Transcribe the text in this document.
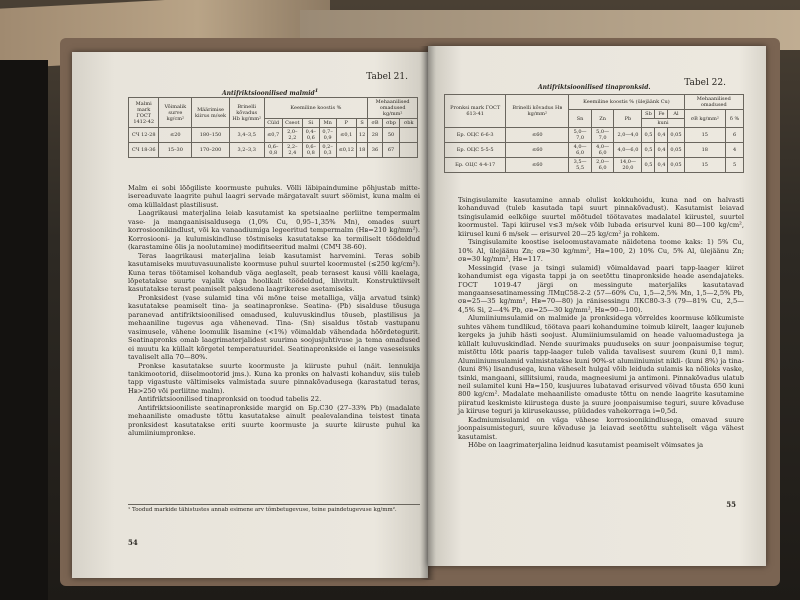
Tabel 21.
Antifriktsioonilised malmid$^1$
Malmi mark ГОСТ 1412-42	Võimalik surve kg/cm²	Määrimise kiirus m/sek	Brinelli kõvadus Hb kg/mm²	Keemiline koostis %						Mehaanilised omadused kg/mm²		
				Cüld	Cseot	Si	Mn	P	S	σB	σbp	σbk
СЧ 12-28	≤20	180–150	3,4–3,5	≤0,7	2,0–2,2	0,4–0,6	0,7–0,9	≤0,1	12	28	50	
СЧ 18-36	15–30	170–200	3,2–3,3	0,6–0,8	2,2–2,4	0,6–0,8	0,2–0,3	≤0,12	18	36	67	

Malm ei sobi lõõgiliste koormuste puhuks. Võlli läbipaindumine põhjustab mitte-isereaduvate laagrite puhul laagri servade märgatavalt suurt söömist, kuna malm ei oma küllaldast plastilisust.

Laagrikausi materjalina leiab kasutamist ka spetsiaalne perliitne tempermalm vase- ja mangaanisisaldusega (1,0% Cu, 0,95–1,35% Mn), omades suurt korrosioonikindlust, või ka vanaadiumiga legeeritud tempermalm (Hв=210 kg/mm²). Korrosiooni- ja kulumiskindluse tõstmiseks kasutatakse ka termiliselt töödeldud (karastamine õlis ja noolutamine) modifitseeritud malmi (СМЧ 38-60).

Teras laagrikausi materjalina leiab kasutamist harvemini. Teras sobib kasutamiseks muutuvasuunaliste koormuse puhul suurtel koormustel (≤250 kg/cm²). Kuna teras töötamisel kohandub väga aeglaselt, peab terasest kausi võlli kaelaga, lõpetatakse suurte vajalik väga hoolikalt töödeldud, lihvitult. Konstruktiivselt kasutatakse terast peamiselt paksudena laagrikerese asetamiseks.

Pronksidest (vase sulamid tina või mõne teise metalliga, välja arvatud tsink) kasutatakse peamiselt tina- ja seatinapronkse. Seatina- (Pb) sisalduse tõusuga paranevad antifriktsioonilised omadused, kuluvuskindlus tõuseb, plastilisus ja mehaaniline tugevus aga vähenevad. Tina- (Sn) sisaldus tõstab vastupanu vasimusele, vähene loomulik lisamine (<1%) võimaldab vähendada hõõrdetegurit. Seatinapronks omab laagrimaterjalidest suurima soojusjuhtivuse ja tema omadused ei muutu ka küllalt kõrgetel temperatuuridel. Seatinapronkside ei lange vaseseisuks tavaliselt alla 70—80%.

Pronkse kasutatakse suurte koormuste ja kiiruste puhul (näit. lennukija tankimootorid, diiselmootorid jms.). Kuna ka pronks on halvasti kohanduv, siis tuleb tapp vigastuste vältimiseks valmistada suure pinnakõvadusega (karastatud teras, Hв>250 või perliitne malm).

Antifriktsioonilised tinapronksid on toodud tabelis 22.

Antifriktsiooniliste seatinapronkside margid on Бр.С30 (27–33% Pb) (madalate mehaaniliste omaduste tõttu kasutatakse ainult pealevalandina teistest tinata pronksidest kasutatakse eriti suurte koormuste ja suurte kiiruste puhul ka alumiiniumpronkse.

¹ Toodud markide tähistustes annab esimene arv tõmbetugevuse, teine paindetugevuse kg/mm².
54
Tabel 22.
Antifriktsioonilised tinapronksid.
Pronksi mark ГОСТ 613-41	Brinelli kõvadus Hв kg/mm²	Keemiline koostis % (ülejäänk Cu)						Mehaanilised omadused	
		Sn	Zn	Pb	Sb	Fe	Al	σB kg/mm²	δ %
					kuni				
Бр. ОЦС 6-6-3	≤60	5,0—7,0	5,0—7,0	2,0—4,0	0,5	0,4	0,05	15	6
Бр. ОЦС 5-5-5	≤60	4,0—6,0	4,0—6,0	4,0—6,0	0,5	0,4	0,05	18	4
Бр. ОЦС 4-4-17	≤60	3,5—5,5	2,0—6,0	14,0—20,0	0,5	0,4	0,05	15	5

Tsingisulamite kasutamine annab olulist kokkuhoidu, kuna nad on halvasti kohanduvad (tuleb kasutada tapi suurt pinnakõvadust). Kasutamist leiavad tsingisulamid eelkõige suurtel mõõtudel töötavates madalatel kiirustel, suurtel koormustel. Tapi kiirusel v≤3 m/sek võib lubada erisurvel kuni 80—100 kg/cm², kiirusel kuni 6 m/sek — erisurvel 20—25 kg/cm² ja rohkem.

Tsingisulamite koostise iseloomustavamate näidetena toome kaks: 1) 5% Cu, 10% Al, ülejäänu Zn; σв=30 kg/mm², Hв=100, 2) 10% Cu, 5% Al, ülejäänu Zn; σв=30 kg/mm², Hв=117.

Messingid (vase ja tsingi sulamid) võimaldavad paari tapp-laager kiiret kohandumist ega vigasta tappi ja on seetõttu tinapronkside heade asendajateks. ГОСТ 1019-47 järgi on messingute materjaliks kasutatavad mangaansesatinamessing ЛМцС58-2-2 (57—60% Cu, 1,5—2,5% Mn, 1,5—2,5% Pb, σв=25—35 kg/mm², Hв=70—80) ja ränisessingu ЛКС80-3-3 (79—81% Cu, 2,5—4,5% Si, 2—4% Pb, σв=25—30 kg/mm², Hв=90—100).

Alumiiniumsulamid on malmide ja pronksidega võrreldes koormuse kõlkumiste suhtes vähem tundlikud, töötava paari kohandumine toimub kiirelt, laager kujuneb kergeks ja juhib hästi soojust. Alumiiniumsulamid on heade valuomadustega ja küllalt kuluvuskindlad. Nende suurimaks puuduseks on suur joonpaisumise tegur, mistõttu lõtk paaris tapp-laager tuleb valida tavalisest suurem (kuni 0,1 mm). Alumiiniumsulamid valmistatakse kuni 90%-st alumiiniumist nikli- (kuni 8%) ja tina- (kuni 8%) lisandusega, kuna väheselt hulgal võib leiduda sulamis ka nõlioks vaske, tsinki, mangaani, sillitsiumi, rauda, magneesiumi ja antimoni. Pinnakõvadus ulatub neil sulamitel kuni Hв=150, kusjuures lubatavad erisurved võivad tõusta 650 kuni 800 kg/cm². Madalate mehaaniliste omaduste tõttu on nende laagrite kasutamine piiratud keskmiste kiirustega duste ja suure joonpaisumise teguri, suure kõvaduse ja kiiruse teguri ja kiirusekausse, püüdades vahekorraga i=0,5d.

Kadmiumisulamid on väga vähese korrosioonikindlusega, omavad suure joonpaisumisteguri, suure kõvaduse ja leiavad seetõttu suhteliselt väga vähest kasutamist.

Hõbe on laagrimaterjalina leidnud kasutamist peamiselt võimsates ja

55
